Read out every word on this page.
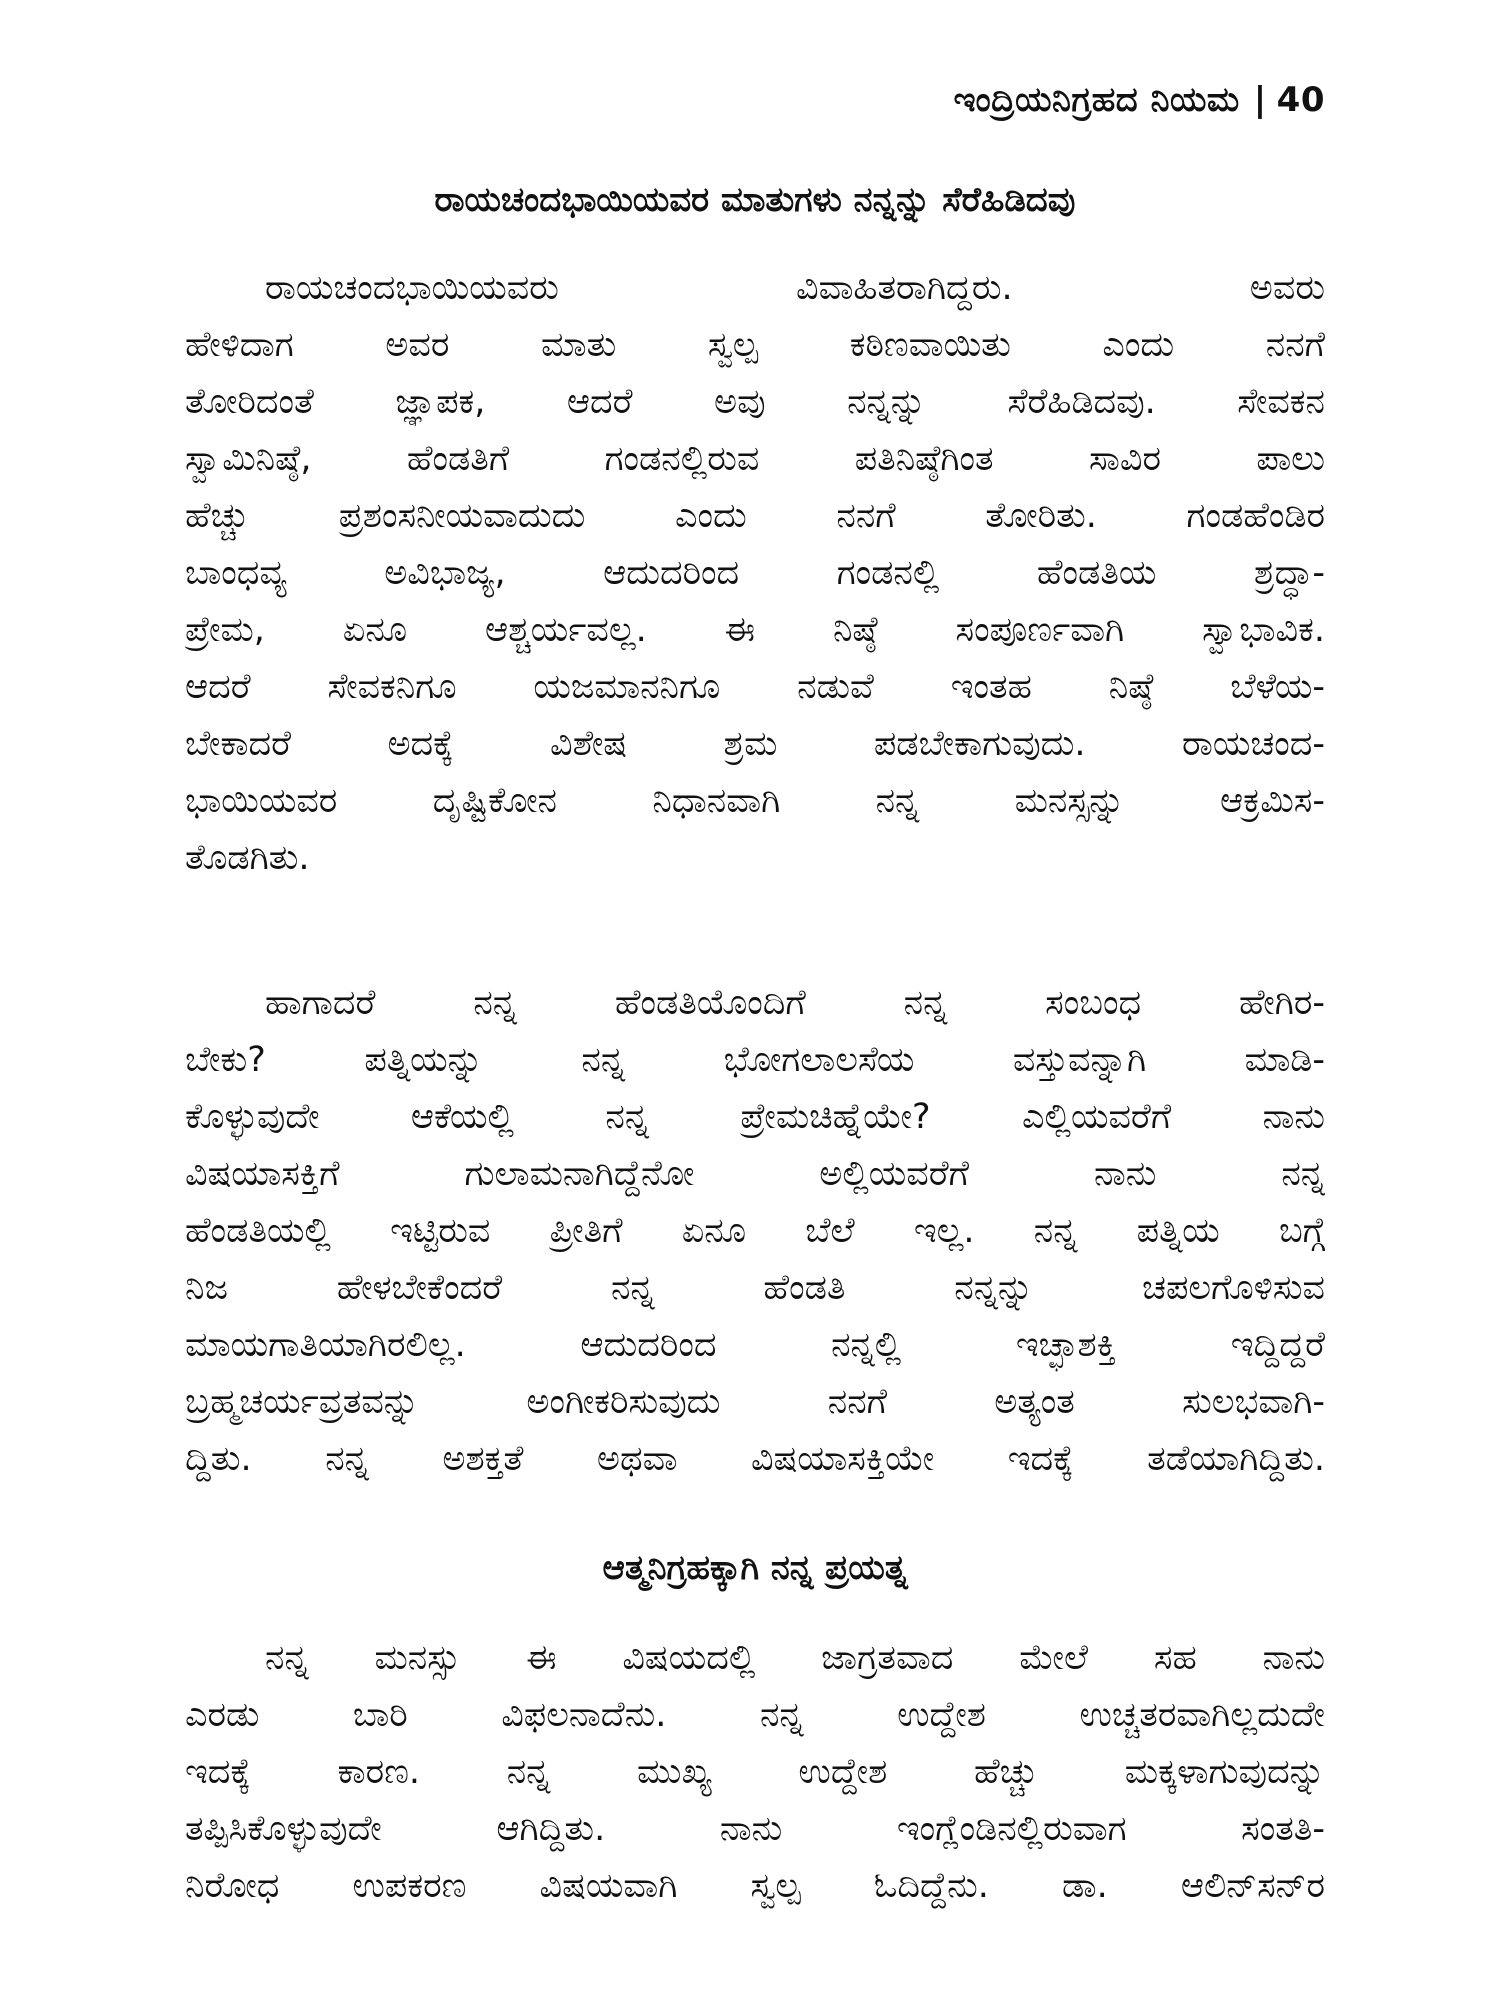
ಇಂದ್ರಿಯನಿಗ್ರಹದ ನಿಯಮ | 40
ರಾಯಚಂದಭಾಯಿಯವರ ಮಾತುಗಳು ನನ್ನನ್ನು ಸೆರೆಹಿಡಿದವು
ರಾಯಚಂದಭಾಯಿಯವರು ವಿವಾಹಿತರಾಗಿದ್ದರು. ಅವರು
ಹೇಳಿದಾಗ ಅವರ ಮಾತು ಸ್ವಲ್ಪ ಕಠಿಣವಾಯಿತು ಎಂದು ನನಗೆ
ತೋರಿದಂತೆ ಜ್ಞಾಪಕ, ಆದರೆ ಅವು ನನ್ನನ್ನು ಸೆರೆಹಿಡಿದವು. ಸೇವಕನ
ಸ್ವಾಮಿನಿಷ್ಠೆ, ಹೆಂಡತಿಗೆ ಗಂಡನಲ್ಲಿರುವ ಪತಿನಿಷ್ಠೆಗಿಂತ ಸಾವಿರ ಪಾಲು
ಹೆಚ್ಚು ಪ್ರಶಂಸನೀಯವಾದುದು ಎಂದು ನನಗೆ ತೋರಿತು. ಗಂಡಹೆಂಡಿರ
ಬಾಂಧವ್ಯ ಅವಿಭಾಜ್ಯ, ಆದುದರಿಂದ ಗಂಡನಲ್ಲಿ ಹೆಂಡತಿಯ ಶ್ರದ್ಧಾ-
ಪ್ರೇಮ, ಏನೂ ಆಶ್ಚರ್ಯವಲ್ಲ. ಈ ನಿಷ್ಠೆ ಸಂಪೂರ್ಣವಾಗಿ ಸ್ವಾಭಾವಿಕ.
ಆದರೆ ಸೇವಕನಿಗೂ ಯಜಮಾನನಿಗೂ ನಡುವೆ ಇಂತಹ ನಿಷ್ಠೆ ಬೆಳೆಯ-
ಬೇಕಾದರೆ ಅದಕ್ಕೆ ವಿಶೇಷ ಶ್ರಮ ಪಡಬೇಕಾಗುವುದು. ರಾಯಚಂದ-
ಭಾಯಿಯವರ ದೃಷ್ಟಿಕೋನ ನಿಧಾನವಾಗಿ ನನ್ನ ಮನಸ್ಸನ್ನು ಆಕ್ರಮಿಸ-
ತೊಡಗಿತು.
ಹಾಗಾದರೆ ನನ್ನ ಹೆಂಡತಿಯೊಂದಿಗೆ ನನ್ನ ಸಂಬಂಧ ಹೇಗಿರ-
ಬೇಕು? ಪತ್ನಿಯನ್ನು ನನ್ನ ಭೋಗಲಾಲಸೆಯ ವಸ್ತುವನ್ನಾಗಿ ಮಾಡಿ-
ಕೊಳ್ಳುವುದೇ ಆಕೆಯಲ್ಲಿ ನನ್ನ ಪ್ರೇಮಚಿಹ್ನೆಯೇ? ಎಲ್ಲಿಯವರೆಗೆ ನಾನು
ವಿಷಯಾಸಕ್ತಿಗೆ ಗುಲಾಮನಾಗಿದ್ದೆನೋ ಅಲ್ಲಿಯವರೆಗೆ ನಾನು ನನ್ನ
ಹೆಂಡತಿಯಲ್ಲಿ ಇಟ್ಟಿರುವ ಪ್ರೀತಿಗೆ ಏನೂ ಬೆಲೆ ಇಲ್ಲ. ನನ್ನ ಪತ್ನಿಯ ಬಗ್ಗೆ
ನಿಜ ಹೇಳಬೇಕೆಂದರೆ ನನ್ನ ಹೆಂಡತಿ ನನ್ನನ್ನು ಚಪಲಗೊಳಿಸುವ
ಮಾಯಗಾತಿಯಾಗಿರಲಿಲ್ಲ. ಆದುದರಿಂದ ನನ್ನಲ್ಲಿ ಇಚ್ಛಾಶಕ್ತಿ ಇದ್ದಿದ್ದರೆ
ಬ್ರಹ್ಮಚರ್ಯವ್ರತವನ್ನು ಅಂಗೀಕರಿಸುವುದು ನನಗೆ ಅತ್ಯಂತ ಸುಲಭವಾಗಿ-
ದ್ದಿತು. ನನ್ನ ಅಶಕ್ತತೆ ಅಥವಾ ವಿಷಯಾಸಕ್ತಿಯೇ ಇದಕ್ಕೆ ತಡೆಯಾಗಿದ್ದಿತು.
ಆತ್ಮನಿಗ್ರಹಕ್ಕಾಗಿ ನನ್ನ ಪ್ರಯತ್ನ
ನನ್ನ ಮನಸ್ಸು ಈ ವಿಷಯದಲ್ಲಿ ಜಾಗ್ರತವಾದ ಮೇಲೆ ಸಹ ನಾನು
ಎರಡು ಬಾರಿ ವಿಫಲನಾದೆನು. ನನ್ನ ಉದ್ದೇಶ ಉಚ್ಚತರವಾಗಿಲ್ಲದುದೇ
ಇದಕ್ಕೆ ಕಾರಣ. ನನ್ನ ಮುಖ್ಯ ಉದ್ದೇಶ ಹೆಚ್ಚು ಮಕ್ಕಳಾಗುವುದನ್ನು
ತಪ್ಪಿಸಿಕೊಳ್ಳುವುದೇ ಆಗಿದ್ದಿತು. ನಾನು ಇಂಗ್ಲೆಂಡಿನಲ್ಲಿರುವಾಗ ಸಂತತಿ-
ನಿರೋಧ ಉಪಕರಣ ವಿಷಯವಾಗಿ ಸ್ವಲ್ಪ ಓದಿದ್ದೆನು. ಡಾ. ಆಲಿನ್‌ಸನ್‌ರ
